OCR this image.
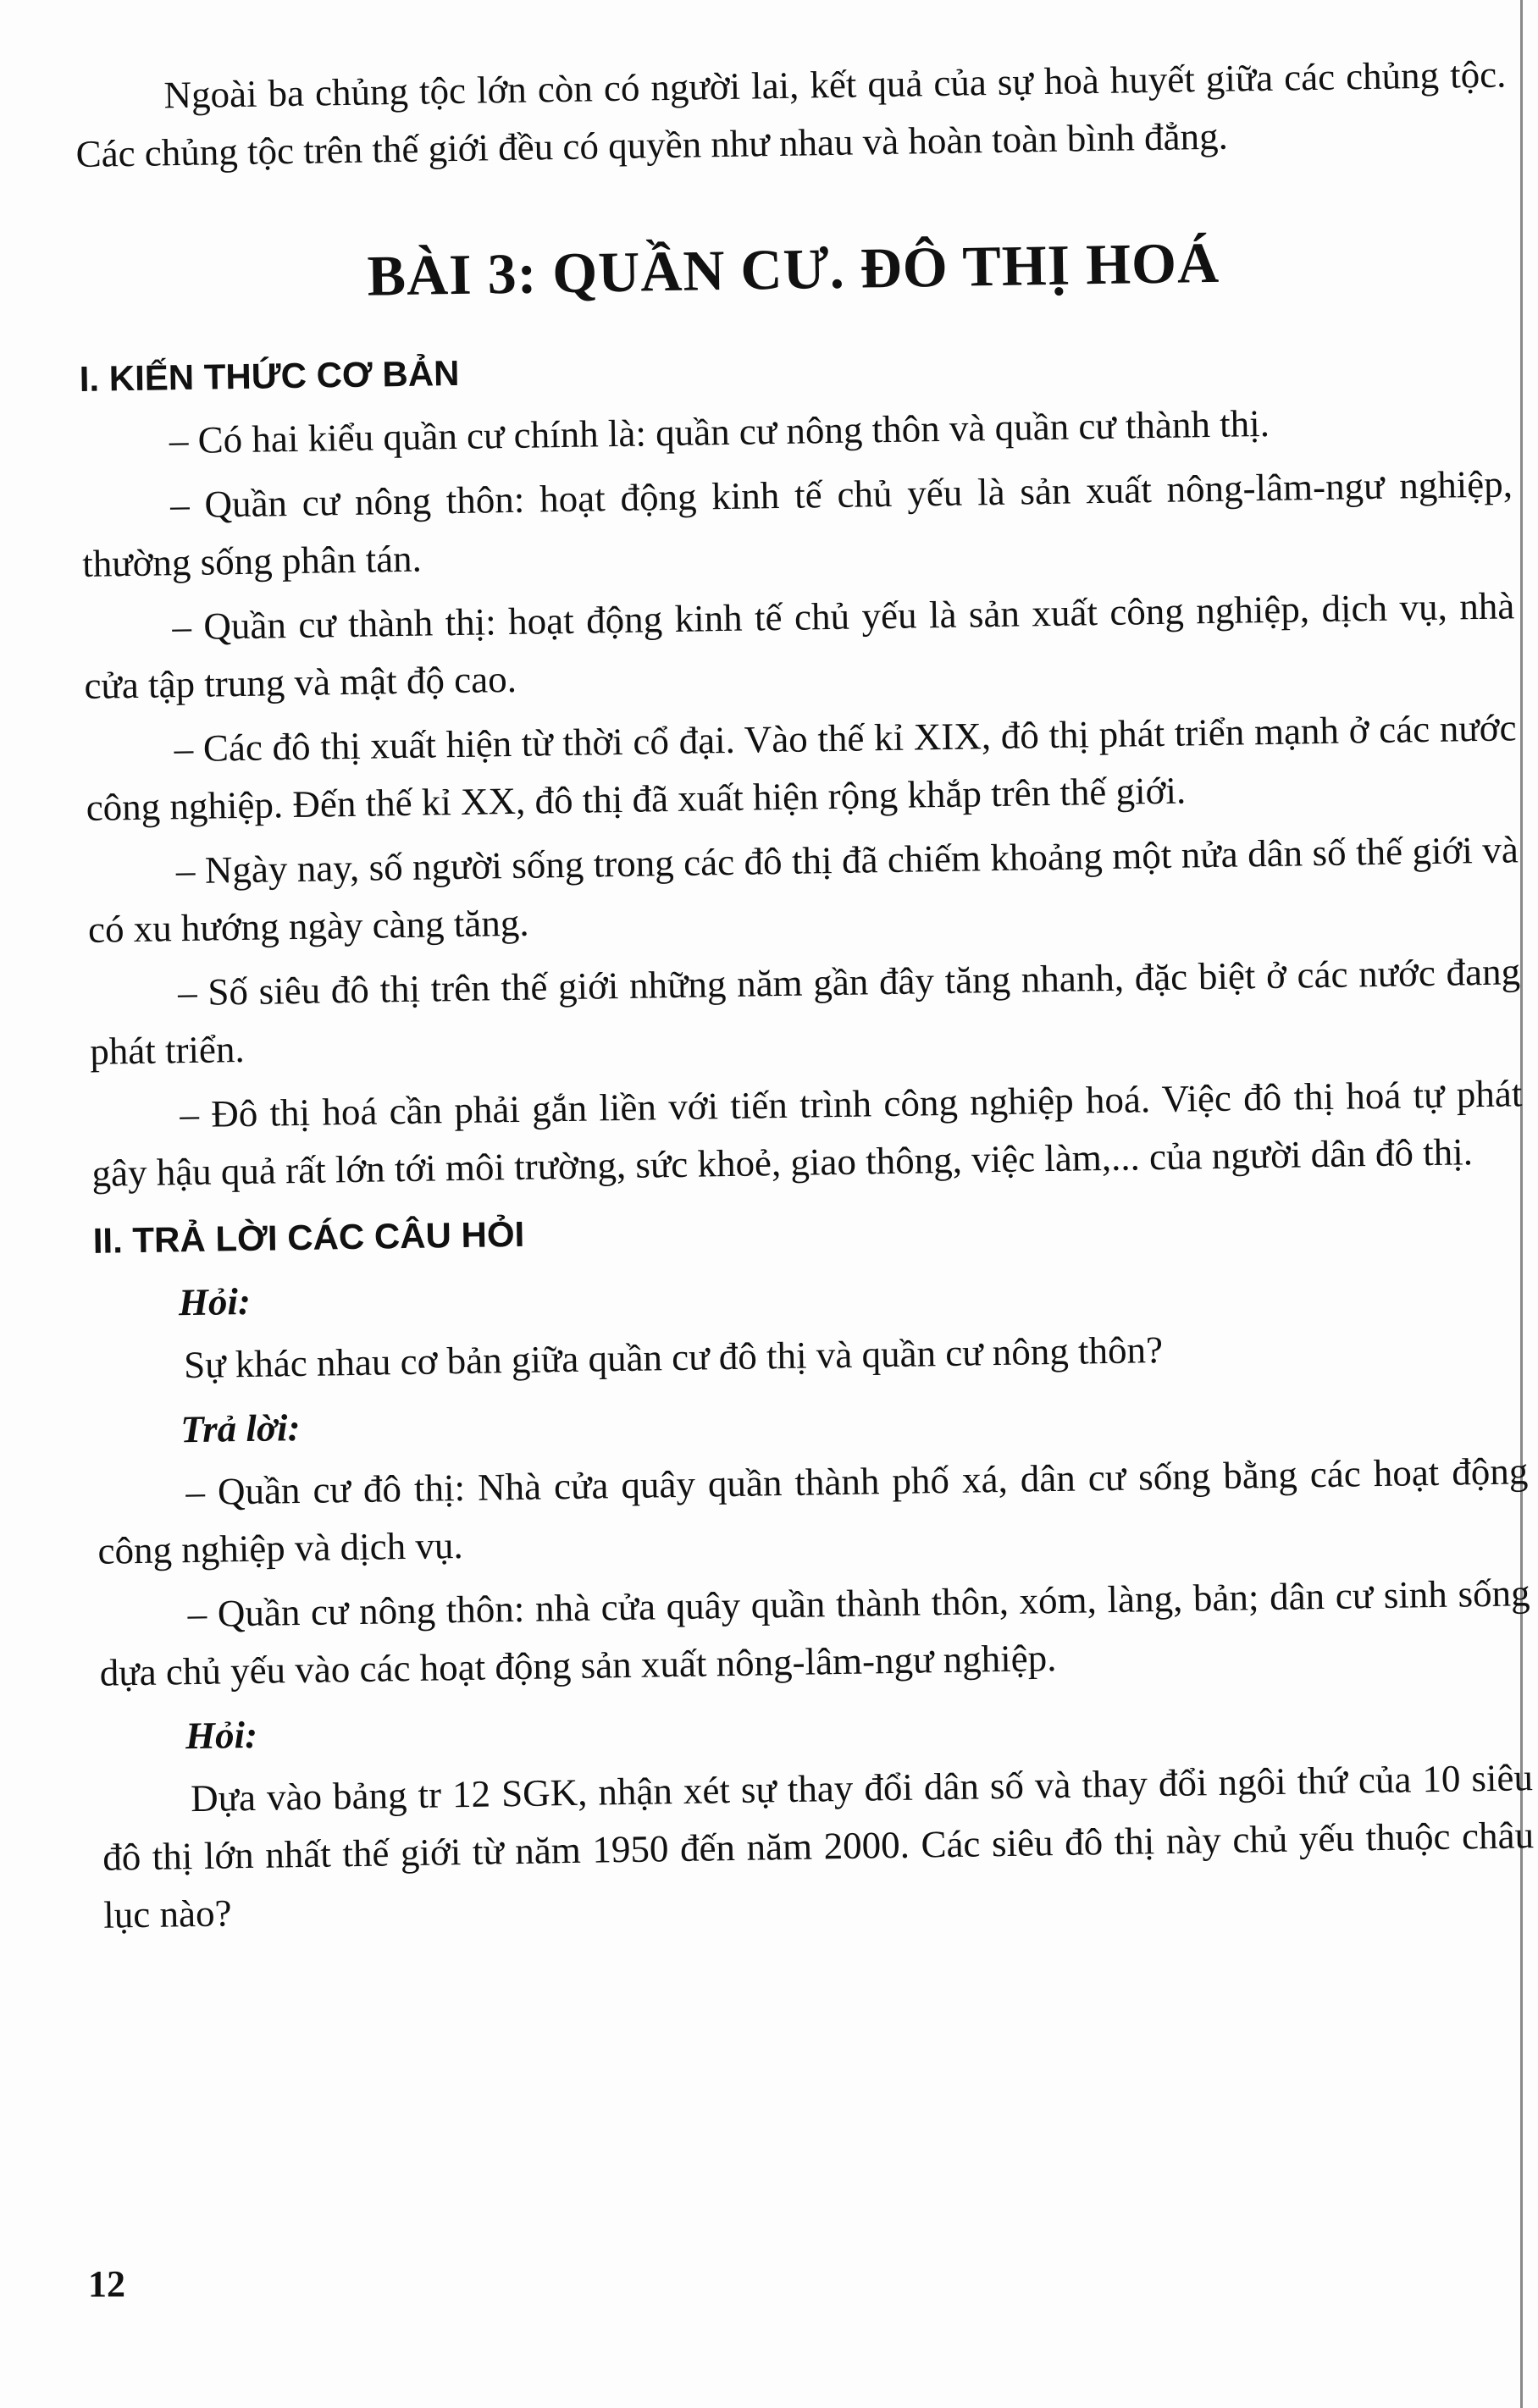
Ngoài ba chủng tộc lớn còn có người lai, kết quả của sự hoà huyết giữa các chủng tộc. Các chủng tộc trên thế giới đều có quyền như nhau và hoàn toàn bình đẳng.

BÀI 3: QUẦN CƯ. ĐÔ THỊ HOÁ
I. KIẾN THỨC CƠ BẢN

– Có hai kiểu quần cư chính là: quần cư nông thôn và quần cư thành thị.

– Quần cư nông thôn: hoạt động kinh tế chủ yếu là sản xuất nông-lâm-ngư nghiệp, thường sống phân tán.

– Quần cư thành thị: hoạt động kinh tế chủ yếu là sản xuất công nghiệp, dịch vụ, nhà cửa tập trung và mật độ cao.

– Các đô thị xuất hiện từ thời cổ đại. Vào thế kỉ XIX, đô thị phát triển mạnh ở các nước công nghiệp. Đến thế kỉ XX, đô thị đã xuất hiện rộng khắp trên thế giới.

– Ngày nay, số người sống trong các đô thị đã chiếm khoảng một nửa dân số thế giới và có xu hướng ngày càng tăng.

– Số siêu đô thị trên thế giới những năm gần đây tăng nhanh, đặc biệt ở các nước đang phát triển.

– Đô thị hoá cần phải gắn liền với tiến trình công nghiệp hoá. Việc đô thị hoá tự phát gây hậu quả rất lớn tới môi trường, sức khoẻ, giao thông, việc làm,... của người dân đô thị.

II. TRẢ LỜI CÁC CÂU HỎI

Hỏi:

Sự khác nhau cơ bản giữa quần cư đô thị và quần cư nông thôn?

Trả lời:

– Quần cư đô thị: Nhà cửa quây quần thành phố xá, dân cư sống bằng các hoạt động công nghiệp và dịch vụ.

– Quần cư nông thôn: nhà cửa quây quần thành thôn, xóm, làng, bản; dân cư sinh sống dựa chủ yếu vào các hoạt động sản xuất nông-lâm-ngư nghiệp.

Hỏi:

Dựa vào bảng tr 12 SGK, nhận xét sự thay đổi dân số và thay đổi ngôi thứ của 10 siêu đô thị lớn nhất thế giới từ năm 1950 đến năm 2000. Các siêu đô thị này chủ yếu thuộc châu lục nào?

12
